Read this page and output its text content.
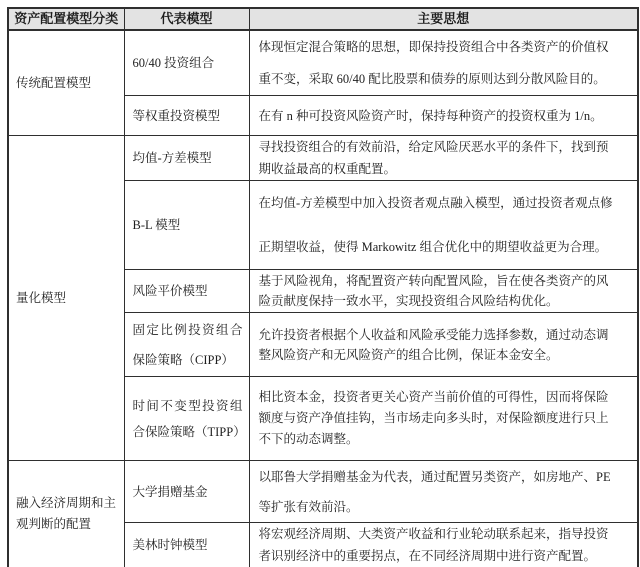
资产配置模型分类	代表模型	主要思想
传统配置模型	60/40 投资组合	体现恒定混合策略的思想，即保持投资组合中各类资产的价值权重不变，采取 60/40 配比股票和债券的原则达到分散风险目的。
	等权重投资模型	在有 n 种可投资风险资产时，保持每种资产的投资权重为 1/n。
量化模型	均值-方差模型	寻找投资组合的有效前沿，给定风险厌恶水平的条件下，找到预期收益最高的权重配置。
	B-L 模型	在均值-方差模型中加入投资者观点融入模型，通过投资者观点修正期望收益，使得 Markowitz 组合优化中的期望收益更为合理。
	风险平价模型	基于风险视角，将配置资产转向配置风险，旨在使各类资产的风险贡献度保持一致水平，实现投资组合风险结构优化。
	固定比例投资组合保险策略（CIPP）	允许投资者根据个人收益和风险承受能力选择参数，通过动态调整风险资产和无风险资产的组合比例，保证本金安全。
	时间不变型投资组合保险策略（TIPP）	相比资本金，投资者更关心资产当前价值的可得性，因而将保险额度与资产净值挂钩，当市场走向多头时，对保险额度进行只上不下的动态调整。
融入经济周期和主观判断的配置	大学捐赠基金	以耶鲁大学捐赠基金为代表，通过配置另类资产，如房地产、PE 等扩张有效前沿。
	美林时钟模型	将宏观经济周期、大类资产收益和行业轮动联系起来，指导投资者识别经济中的重要拐点，在不同经济周期中进行资产配置。
